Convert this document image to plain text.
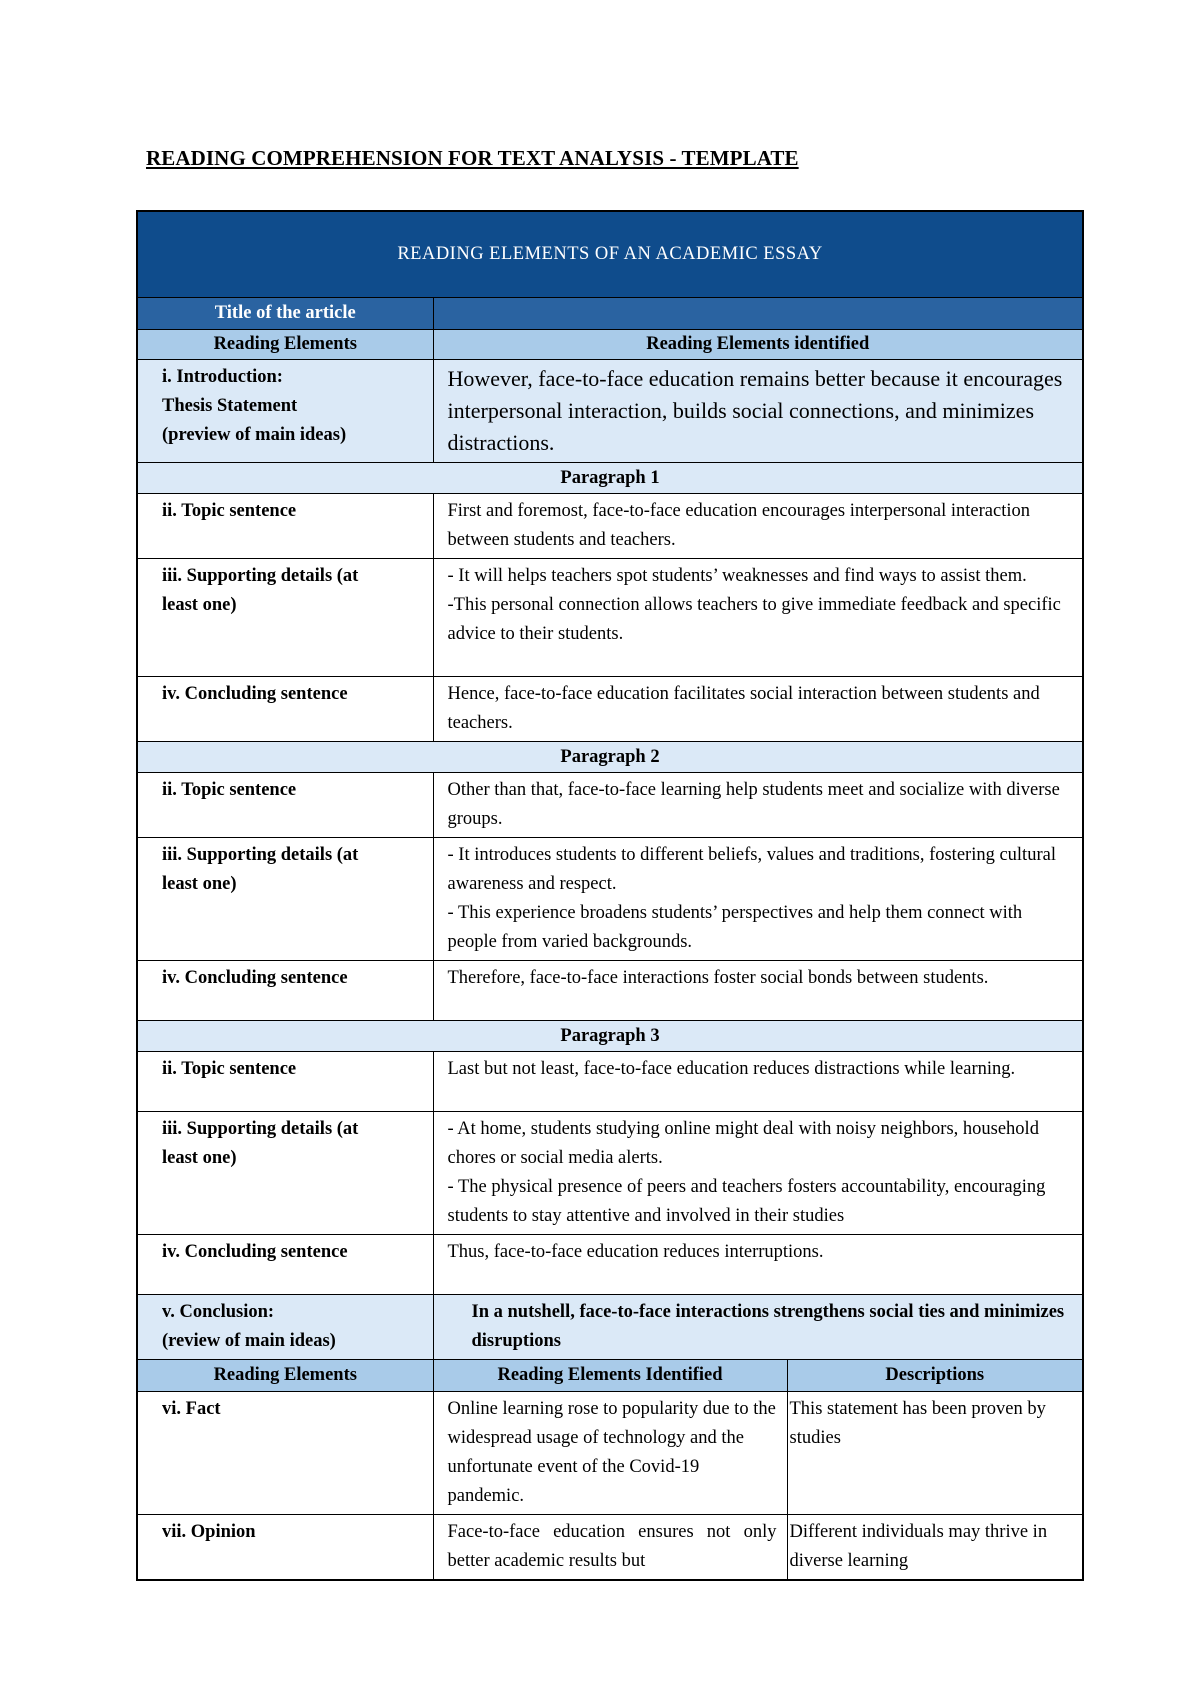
READING COMPREHENSION FOR TEXT ANALYSIS - TEMPLATE
READING ELEMENTS OF AN ACADEMIC ESSAY		
Title of the article		
Reading Elements	Reading Elements identified	

i. Introduction:
Thesis Statement
(preview of main ideas)	However, face-to-face education remains better because it encourages interpersonal interaction, builds social connections, and minimizes distractions.	
Paragraph 1		
ii. Topic sentence	First and foremost, face-to-face education encourages interpersonal interaction between students and teachers.	

iii. Supporting details (at
least one)	- It will helps teachers spot students’ weaknesses and find ways to assist them.
-This personal connection allows teachers to give immediate feedback and specific advice to their students.	

iv. Concluding sentence	Hence, face-to-face education facilitates social interaction between students and teachers.	
Paragraph 2		
ii. Topic sentence	Other than that, face-to-face learning help students meet and socialize with diverse groups.	

iii. Supporting details (at
least one)	- It introduces students to different beliefs, values and traditions, fostering cultural awareness and respect.
- This experience broadens students’ perspectives and help them connect with people from varied backgrounds.	

iv. Concluding sentence	Therefore, face-to-face interactions foster social bonds between students.	
Paragraph 3		
ii. Topic sentence	Last but not least, face-to-face education reduces distractions while learning.	

iii. Supporting details (at
least one)	- At home, students studying online might deal with noisy neighbors, household chores or social media alerts.
- The physical presence of peers and teachers fosters accountability, encouraging students to stay attentive and involved in their studies	

iv. Concluding sentence	Thus, face-to-face education reduces interruptions.	

v. Conclusion:
(review of main ideas)	In a nutshell, face-to-face interactions strengthens social ties and minimizes disruptions	
Reading Elements	Reading Elements Identified	Descriptions
vi. Fact	Online learning rose to popularity due to the widespread usage of technology and the unfortunate event of the Covid-19 pandemic.	This statement has been proven by studies
vii. Opinion	Face-to-face education ensures not only better academic results but	Different individuals may thrive in diverse learning
